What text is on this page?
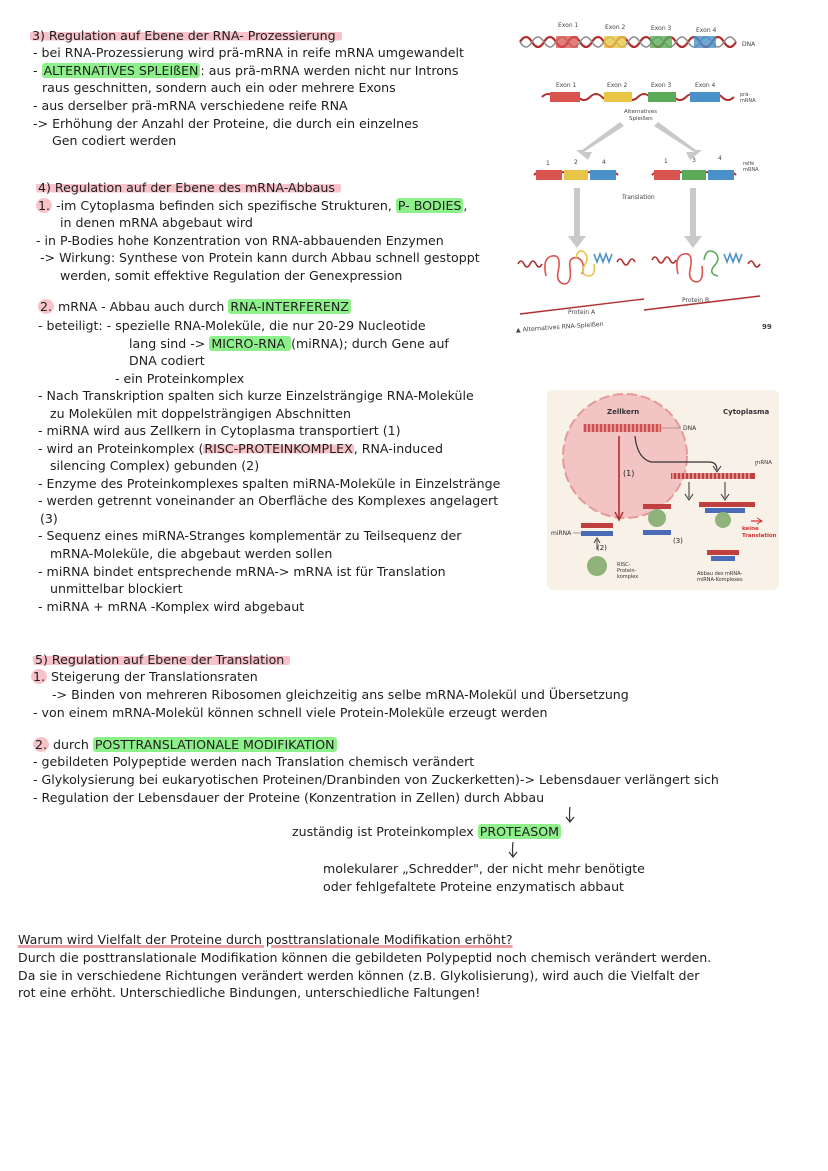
3) Regulation auf Ebene der RNA- Prozessierung
- bei RNA-Prozessierung wird prä-mRNA in reife mRNA umgewandelt
- ALTERNATIVES SPLEIßEN : aus prä-mRNA werden nicht nur Introns
raus geschnitten, sondern auch ein oder mehrere Exons
- aus derselber prä-mRNA verschiedene reife RNA
-> Erhöhung der Anzahl der Proteine, die durch ein einzelnes
Gen codiert werden
4) Regulation auf der Ebene des mRNA-Abbaus
1. -im Cytoplasma befinden sich spezifische Strukturen, P- BODIES ,
in denen mRNA abgebaut wird
- in P-Bodies hohe Konzentration von RNA-abbauenden Enzymen
-> Wirkung: Synthese von Protein kann durch Abbau schnell gestoppt
werden, somit effektive Regulation der Genexpression
2. mRNA - Abbau auch durch RNA-INTERFERENZ
- beteiligt: - spezielle RNA-Moleküle, die nur 20-29 Nucleotide
lang sind -> MICRO-RNA (miRNA); durch Gene auf
DNA codiert
- ein Proteinkomplex
- Nach Transkription spalten sich kurze Einzelsträngige RNA-Moleküle
zu Molekülen mit doppelsträngigen Abschnitten
- miRNA wird aus Zellkern in Cytoplasma transportiert (1)
- wird an Proteinkomplex (RISC-PROTEINKOMPLEX, RNA-induced
silencing Complex) gebunden (2)
- Enzyme des Proteinkomplexes spalten miRNA-Moleküle in Einzelstränge
- werden getrennt voneinander an Oberfläche des Komplexes angelagert
(3)
- Sequenz eines miRNA-Stranges komplementär zu Teilsequenz der
mRNA-Moleküle, die abgebaut werden sollen
- miRNA bindet entsprechende mRNA-> mRNA ist für Translation
unmittelbar blockiert
- miRNA + mRNA -Komplex wird abgebaut
5) Regulation auf Ebene der Translation
1. Steigerung der Translationsraten
-> Binden von mehreren Ribosomen gleichzeitig ans selbe mRNA-Molekül und Übersetzung
- von einem mRNA-Molekül können schnell viele Protein-Moleküle erzeugt werden
2. durch POSTTRANSLATIONALE MODIFIKATION
- gebildeten Polypeptide werden nach Translation chemisch verändert
- Glykolysierung bei eukaryotischen Proteinen/Dranbinden von Zuckerketten)-> Lebensdauer verlängert sich
- Regulation der Lebensdauer der Proteine (Konzentration in Zellen) durch Abbau
zuständig ist Proteinkomplex PROTEASOM
molekularer „Schredder", der nicht mehr benötigte
oder fehlgefaltete Proteine enzymatisch abbaut
Warum wird Vielfalt der Proteine durch posttranslationale Modifikation erhöht?
Durch die posttranslationale Modifikation können die gebildeten Polypeptid noch chemisch verändert werden.
Da sie in verschiedene Richtungen verändert werden können (z.B. Glykolisierung), wird auch die Vielfalt der
rot eine erhöht. Unterschiedliche Bindungen, unterschiedliche Faltungen!
Exon 1	Exon 2	Exon 3	Exon 4
DNA
Exon 1	Exon 2	Exon 3	Exon 4
prä-
mRNA
Alternatives
Spleißen
1	2	4	1	3	4
reife
mRNA
Translation
Protein A
Protein B
▲ Alternatives RNA-Spleißen	99
Zellkern	Cytoplasma
DNA
mRNA
(1)
keine
Translation
miRNA
(3)
(2)
RISC-
Protein-
komplex	Abbau des mRNA-
miRNA-Komplexes
